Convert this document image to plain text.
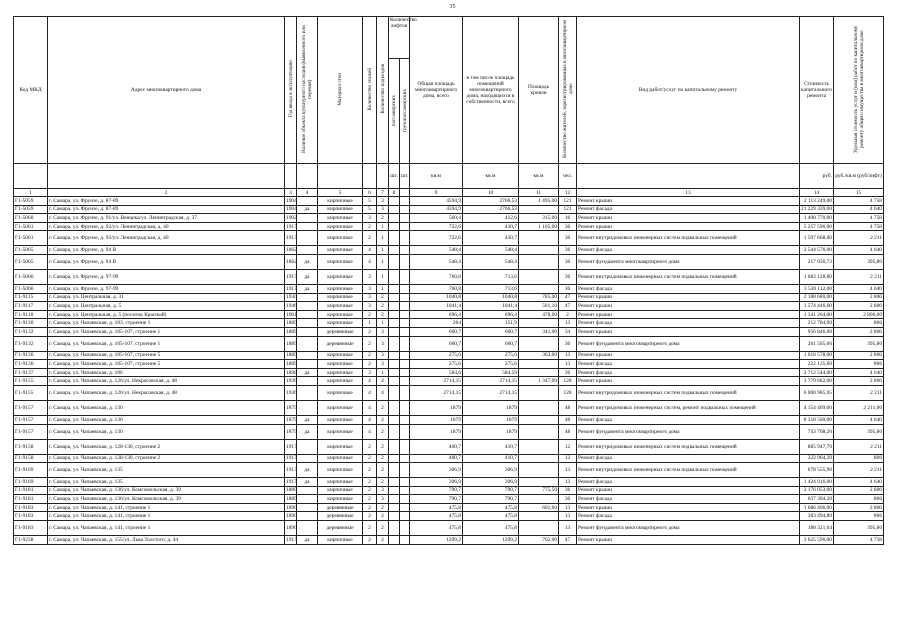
35
Код МКД	Адрес многоквартирного дома	Год ввода в эксплуатацию	Наличие объекта культурного наследия (выявленного или перечня)	Материал стен	Количество этажей	Количество подъездов	Количество лифтов		Общая площадь многоквартирного дома, всего	в том числе площадь помещений многоквартирного дома, находящихся в собственности, всего	Площадь кровли	Количество жителей, зарегистрированных в многоквартирном доме	Вид работ/услуг по капитальному ремонту	Стоимость капитального ремонта	Удельная стоимость услуг и (или) работ по капитальному ремонту общего имущества в многоквартирном доме	
							пассажирских	грузопассажирских								
							шт.	шт.	кв.м	кв.м	кв.м	чел.		руб.	руб./кв.м (руб/лифт)	
1	2	3	4	5	6	7	8		9	10	11	12	13	14	15	
Г1-5059	г. Самара, ул. Фрунзе, д. 87-89	1904		кирпичные	5	3			4594,9	2766,53	1 495,00	121	Ремонт крыши	2 113 249,00	4 758	
Г1-5059	г. Самара, ул. Фрунзе, д. 87-89	1904	да	кирпичные	5	3			4594,9	2766,53		121	Ремонт фасада	21 229 339,00	4 640	
Г1-5060	г. Самара, ул. Фрунзе, д. 91/ул. Венцека/ул. Ленинградская, д. 37	1902		кирпичные	3	2			560,4	412,6	315,00	16	Ремонт крыши	1 498 770,00	4 758	
Г1-5061	г. Самара, ул. Фрунзе, д. 92/ул. Ленинградская, д. 40	1917		кирпичные	2	1			722,6	430,7	1 105,00	36	Ремонт крыши	5 257 590,00	4 758	
Г1-5061	г. Самара, ул. Фрунзе, д. 92/ул. Ленинградская, д. 40	1917		кирпичные	2	1			722,6	430,7		36	Ремонт внутридомовых инженерных систем подвальных помещений	1 597 668,60	2 211	
Г1-5065	г. Самара, ул. Фрунзе, д. 94 В	1862		кирпичные	4	1			548,4	548,4		36	Ремонт фасада	2 544 576,00	4 640	
Г1-5065	г. Самара, ул. Фрунзе, д. 94 В	1862	да	кирпичные	4	1			548,4	548,4		36	Ремонт фундамента многоквартирного дома	217 056,72	395,80	
Г1-5066	г. Самара, ул. Фрунзе, д. 97-99	1917	да	кирпичные	3	1			760,8	713,6		36	Ремонт внутридомовых инженерных систем подвальных помещений	1 682 128,80	2 211	
Г1-5066	г. Самара, ул. Фрунзе, д. 97-99	1917	да	кирпичные	3	1			760,8	713,6		36	Ремонт фасада	3 530 112,00	4 640	
Г1-9115	г. Самара, ул. Центральная, д. 31	1930		кирпичные	3	2			1040,8	1040,8	785,00	47	Ремонт крыши	2 188 680,00	2 806	
Г1-9117	г. Самара, ул. Центральная, д. 5	1946		кирпичные	3	2			1041,4	1041,4	561,10	47	Ремонт крыши	1 574 446,60	2 806	
Г1-9118	г. Самара, ул. Центральная, д. 5 (поселок Красный)	1961		кирпичные	2	2			696,4	696,4	478,00	2	Ремонт крыши	1 341 264,00	2 806,00	
Г1-9130	г. Самара, ул. Чапаевская, д. 103, строение 1	1889		кирпичные	1	1			264	151,9		13	Ремонт фасада	212 784,00	806	
Г1-9132	г. Самара, ул. Чапаевская, д. 105-107, строение 1	1889		деревянные	2	3			660,7	660,7	341,00	34	Ремонт крыши	956 846,00	2 806	
Г1-9132	г. Самара, ул. Чапаевская, д. 105-107, строение 1	1889		деревянные	2	3			660,7	660,7		36	Ремонт фундамента многоквартирного дома	261 505,06	395,80	
Г1-9136	г. Самара, ул. Чапаевская, д. 105-107, строение 5	1889		кирпичные	2	3			275,6	275,6	363,00	13	Ремонт крыши	1 018 578,00	2 806	
Г1-9136	г. Самара, ул. Чапаевская, д. 105-107, строение 5	1889		кирпичные	2	3			275,6	275,6		13	Ремонт фасада	222 135,60	806	
Г1-9137	г. Самара, ул. Чапаевская, д. 106	1898	да	кирпичные	3	1			584,6	584,59		36	Ремонт фасада	2 712 544,00	4 640	
Г1-9155	г. Самара, ул. Чапаевская, д. 126/ул. Некрасовская, д. 48	1936		кирпичные	4	4			2714,15	2714,15	1 347,00	128	Ремонт крыши	3 779 682,00	2 806	
Г1-9155	г. Самара, ул. Чапаевская, д. 126/ул. Некрасовская, д. 48	1936		кирпичные	4	4			2714,15	2714,15		128	Ремонт внутридомовых инженерных систем подвальных помещений	6 000 985,65	2 211	
Г1-9157	г. Самара, ул. Чапаевская, д. 130	1879		кирпичные	4	2			1879	1879		48	Ремонт внутридомовых инженерных систем, ремонт подвальных помещений	4 154 469,00	2 211,00	
Г1-9157	г. Самара, ул. Чапаевская, д. 130	1879	да	кирпичные	4	2			1879	1879		48	Ремонт фасада	8 318 560,00	4 640	
Г1-9157	г. Самара, ул. Чапаевская, д. 130	1879	да	кирпичные	4	2			1879	1879		48	Ремонт фундамента многоквартирного дома	743 708,20	395,80	
Г1-9158	г. Самара, ул. Чапаевская, д. 128-130, строение 2	1917		кирпичные	2	2			400,7	410,7		12	Ремонт внутридомовых инженерных систем подвальных помещений	885 947,70	2 211	
Г1-9158	г. Самара, ул. Чапаевская, д. 128-130, строение 2	1917		кирпичные	2	2			400,7	410,7		12	Ремонт фасада	322 964,20	806	
Г1-9169	г. Самара, ул. Чапаевская, д. 135	1917	да	кирпичные	2	2			306,9	306,9		13	Ремонт внутридомовых инженерных систем подвальных помещений	678 555,90	2 211	
Г1-9169	г. Самара, ул. Чапаевская, д. 135	1917	да	кирпичные	2	2			306,9	306,9		13	Ремонт фасада	1 424 016,00	4 640	
Г1-9181	г. Самара, ул. Чапаевская, д. 136/ул. Комсомольская, д. 39	1889		кирпичные	2	3			790,7	790,7	775,50	36	Ремонт крыши	2 176 053,00	2 806	
Г1-9181	г. Самара, ул. Чапаевская, д. 136/ул. Комсомольская, д. 39	1889		кирпичные	2	3			790,7	790,7		36	Ремонт фасада	637 304,20	806	
Г1-9183	г. Самара, ул. Чапаевская, д. 141, строение 1	1890		деревянные	2	2			475,8	475,8	601,00	13	Ремонт крыши	1 686 406,00	2 806	
Г1-9183	г. Самара, ул. Чапаевская, д. 141, строение 1	1890		деревянные	2	2			475,8	475,8		13	Ремонт фасада	383 494,80	806	
Г1-9183	г. Самара, ул. Чапаевская, д. 141, строение 1	1890		деревянные	2	2			475,8	475,8		13	Ремонт фундамента многоквартирного дома	188 321,64	395,80	
Г1-9238	г. Самара, ул. Чапаевская, д. 155/ул. Льва Толстого, д. 44	1917	да	кирпичные	2	2			1299,2	1299,2	762,00	47	Ремонт крыши	3 625 596,00	4 758	
